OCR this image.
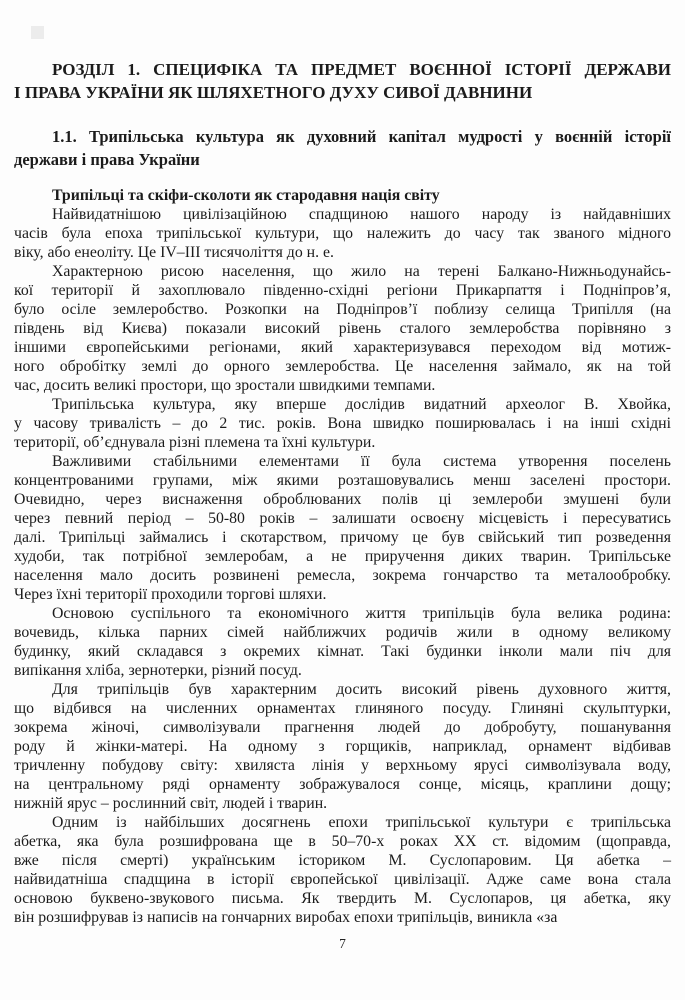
РОЗДІЛ 1. СПЕЦИФІКА ТА ПРЕДМЕТ ВОЄННОЇ ІСТОРІЇ ДЕРЖАВИ
І ПРАВА УКРАЇНИ ЯК ШЛЯХЕТНОГО ДУХУ СИВОЇ ДАВНИНИ
1.1. Трипільська культура як духовний капітал мудрості у воєнній історії
держави і права України
Трипільці та скіфи-сколоти як стародавня нація світу
Найвидатнішою цивілізаційною спадщиною нашого народу із найдавніших
часів була епоха трипільської культури, що належить до часу так званого мідного
віку, або енеоліту. Це IV–III тисячоліття до н. е.
Характерною рисою населення, що жило на терені Балкано-Нижньодунайсь-
кої території й захоплювало південно-східні регіони Прикарпаття і Подніпров’я,
було осіле землеробство. Розкопки на Подніпров’ї поблизу селища Трипілля (на
південь від Києва) показали високий рівень сталого землеробства порівняно з
іншими європейськими регіонами, який характеризувався переходом від мотиж-
ного обробітку землі до орного землеробства. Це населення займало, як на той
час, досить великі простори, що зростали швидкими темпами.
Трипільська культура, яку вперше дослідив видатний археолог В. Хвойка,
у часову тривалість – до 2 тис. років. Вона швидко поширювалась і на інші східні
території, об’єднувала різні племена та їхні культури.
Важливими стабільними елементами її була система утворення поселень
концентрованими групами, між якими розташовувались менш заселені простори.
Очевидно, через виснаження оброблюваних полів ці землероби змушені були
через певний період – 50-80 років – залишати освоєну місцевість і пересуватись
далі. Трипільці займались і скотарством, причому це був свійський тип розведення
худоби, так потрібної землеробам, а не приручення диких тварин. Трипільське
населення мало досить розвинені ремесла, зокрема гончарство та металообробку.
Через їхні території проходили торгові шляхи.
Основою суспільного та економічного життя трипільців була велика родина:
вочевидь, кілька парних сімей найближчих родичів жили в одному великому
будинку, який складався з окремих кімнат. Такі будинки інколи мали піч для
випікання хліба, зернотерки, різний посуд.
Для трипільців був характерним досить високий рівень духовного життя,
що відбився на численних орнаментах глиняного посуду. Глиняні скульптурки,
зокрема жіночі, символізували прагнення людей до добробуту, пошанування
роду й жінки-матері. На одному з горщиків, наприклад, орнамент відбивав
тричленну побудову світу: хвиляста лінія у верхньому ярусі символізувала воду,
на центральному ряді орнаменту зображувалося сонце, місяць, краплини дощу;
нижній ярус – рослинний світ, людей і тварин.
Одним із найбільших досягнень епохи трипільської культури є трипільська
абетка, яка була розшифрована ще в 50–70-х роках ХХ ст. відомим (щоправда,
вже після смерті) українським істориком М. Суслопаровим. Ця абетка –
найвидатніша спадщина в історії європейської цивілізації. Адже саме вона стала
основою буквено-звукового письма. Як твердить М. Суслопаров, ця абетка, яку
він розшифрував із написів на гончарних виробах епохи трипільців, виникла «за
7
